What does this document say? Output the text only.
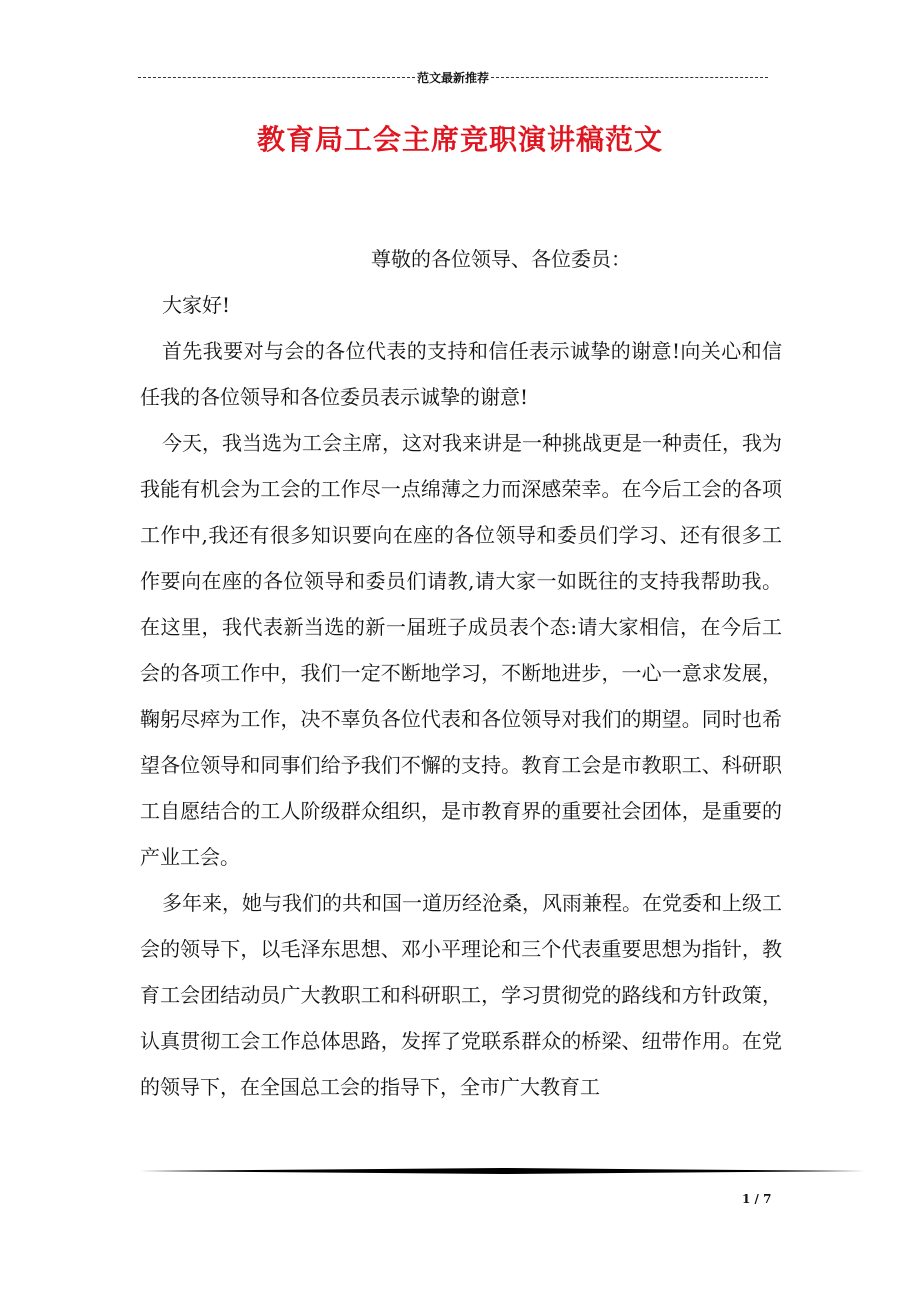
范文最新推荐
教育局工会主席竞职演讲稿范文

尊敬的各位领导、各位委员：

大家好!

首先我要对与会的各位代表的支持和信任表示诚挚的谢意!向关心和信任我的各位领导和各位委员表示诚挚的谢意!

今天，我当选为工会主席，这对我来讲是一种挑战更是一种责任，我为我能有机会为工会的工作尽一点绵薄之力而深感荣幸。在今后工会的各项工作中,我还有很多知识要向在座的各位领导和委员们学习、还有很多工作要向在座的各位领导和委员们请教,请大家一如既往的支持我帮助我。在这里，我代表新当选的新一届班子成员表个态:请大家相信，在今后工会的各项工作中，我们一定不断地学习，不断地进步，一心一意求发展，鞠躬尽瘁为工作，决不辜负各位代表和各位领导对我们的期望。同时也希望各位领导和同事们给予我们不懈的支持。教育工会是市教职工、科研职工自愿结合的工人阶级群众组织，是市教育界的重要社会团体，是重要的产业工会。

多年来，她与我们的共和国一道历经沧桑，风雨兼程。在党委和上级工会的领导下，以毛泽东思想、邓小平理论和三个代表重要思想为指针，教育工会团结动员广大教职工和科研职工，学习贯彻党的路线和方针政策，认真贯彻工会工作总体思路，发挥了党联系群众的桥梁、纽带作用。在党的领导下，在全国总工会的指导下，全市广大教育工

1 / 7
